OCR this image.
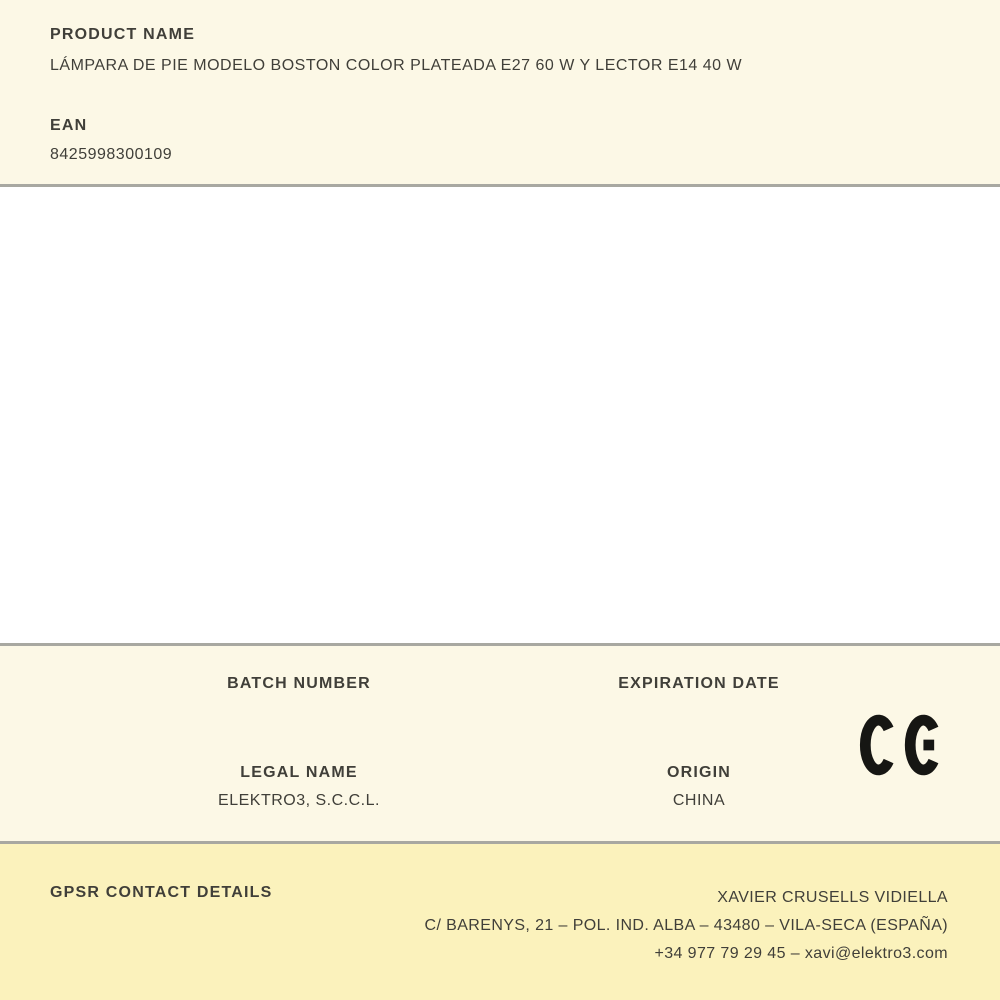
PRODUCT NAME
LÁMPARA DE PIE MODELO BOSTON COLOR PLATEADA E27 60 W Y LECTOR E14 40 W
EAN
8425998300109
BATCH NUMBER	EXPIRATION DATE
LEGAL NAME
ELEKTRO3, S.C.C.L.
ORIGIN
CHINA
GPSR CONTACT DETAILS	XAVIER CRUSELLS VIDIELLA
C/ BARENYS, 21 – POL. IND. ALBA – 43480 – VILA-SECA (ESPAÑA)
+34 977 79 29 45 – xavi@elektro3.com
